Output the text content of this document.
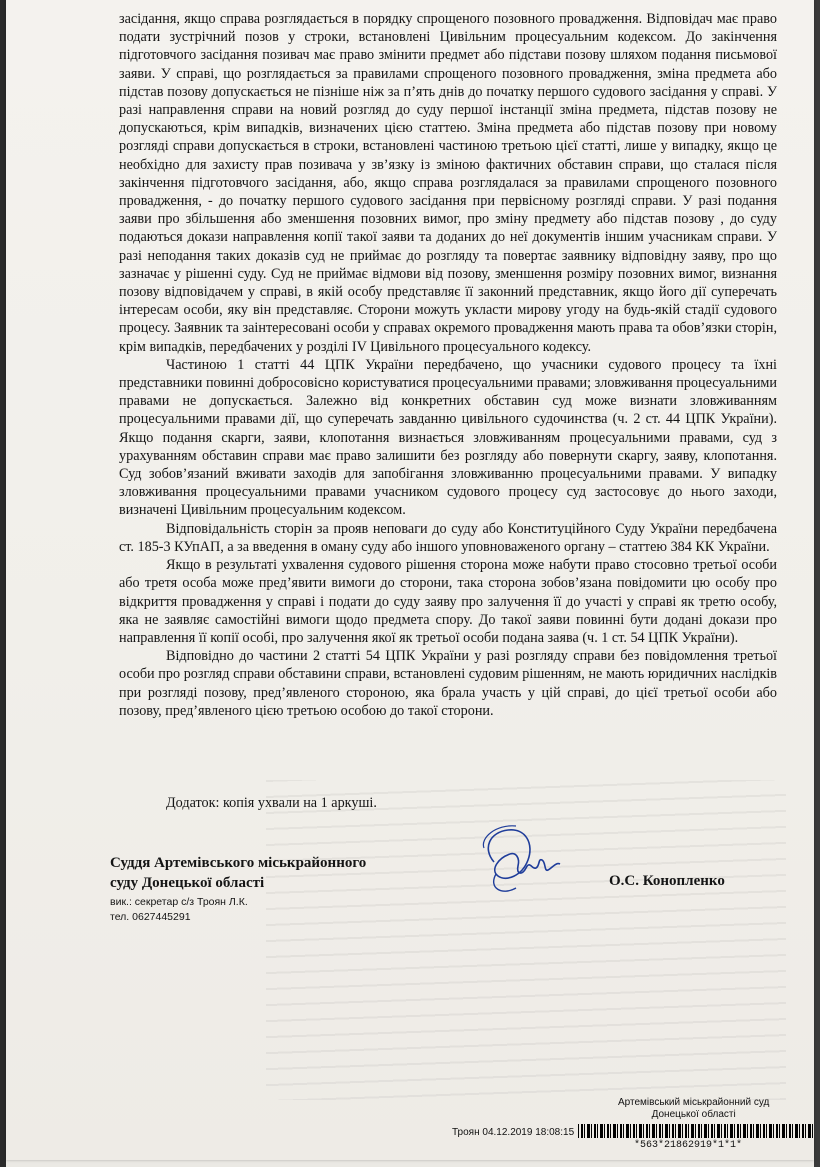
засідання, якщо справа розглядається в порядку спрощеного позовного провадження. Відповідач має право подати зустрічний позов у строки, встановлені Цивільним процесуальним кодексом. До закінчення підготовчого засідання позивач має право змінити предмет або підстави позову шляхом подання письмової заяви. У справі, що розглядається за правилами спрощеного позовного провадження, зміна предмета або підстав позову допускається не пізніше ніж за п’ять днів до початку першого судового засідання у справі. У разі направлення справи на новий розгляд до суду першої інстанції зміна предмета, підстав позову не допускаються, крім випадків, визначених цією статтею. Зміна предмета або підстав позову при новому розгляді справи допускається в строки, встановлені частиною третьою цієї статті, лише у випадку, якщо це необхідно для захисту прав позивача у зв’язку із зміною фактичних обставин справи, що сталася після закінчення підготовчого засідання, або, якщо справа розглядалася за правилами спрощеного позовного провадження, - до початку першого судового засідання при первісному розгляді справи. У разі подання заяви про збільшення або зменшення позовних вимог, про зміну предмету або підстав позову , до суду подаються докази направлення копії такої заяви та доданих до неї документів іншим учасникам справи. У разі неподання таких доказів суд не приймає до розгляду та повертає заявнику відповідну заяву, про що зазначає у рішенні суду. Суд не приймає відмови від позову, зменшення розміру позовних вимог, визнання позову відповідачем у справі, в якій особу представляє її законний представник, якщо його дії суперечать інтересам особи, яку він представляє. Сторони можуть укласти мирову угоду на будь-якій стадії судового процесу. Заявник та заінтересовані особи у справах окремого провадження мають права та обов’язки сторін, крім випадків, передбачених у розділі IV Цивільного процесуального кодексу.

Частиною 1 статті 44 ЦПК України передбачено, що учасники судового процесу та їхні представники повинні добросовісно користуватися процесуальними правами; зловживання процесуальними правами не допускається. Залежно від конкретних обставин суд може визнати зловживанням процесуальними правами дії, що суперечать завданню цивільного судочинства (ч. 2 ст. 44 ЦПК України). Якщо подання скарги, заяви, клопотання визнається зловживанням процесуальними правами, суд з урахуванням обставин справи має право залишити без розгляду або повернути скаргу, заяву, клопотання. Суд зобов’язаний вживати заходів для запобігання зловживанню процесуальними правами. У випадку зловживання процесуальними правами учасником судового процесу суд застосовує до нього заходи, визначені Цивільним процесуальним кодексом.

Відповідальність сторін за прояв неповаги до суду або Конституційного Суду України передбачена ст. 185-3 КУпАП, а за введення в оману суду або іншого уповноваженого органу – статтею 384 КК України.

Якщо в результаті ухвалення судового рішення сторона може набути право стосовно третьої особи або третя особа може пред’явити вимоги до сторони, така сторона зобов’язана повідомити цю особу про відкриття провадження у справі і подати до суду заяву про залучення її до участі у справі як третю особу, яка не заявляє самостійні вимоги щодо предмета спору. До такої заяви повинні бути додані докази про направлення її копії особі, про залучення якої як третьої особи подана заява (ч. 1 ст. 54 ЦПК України).

Відповідно до частини 2 статті 54 ЦПК України у разі розгляду справи без повідомлення третьої особи про розгляд справи обставини справи, встановлені судовим рішенням, не мають юридичних наслідків при розгляді позову, пред’явленого стороною, яка брала участь у цій справі, до цієї третьої особи або позову, пред’явленого цією третьою особою до такої сторони.

Додаток: копія ухвали на 1 аркуші.
Суддя Артемівського міськрайонного
суду Донецької області
вик.: секретар с/з Троян Л.К.
тел. 0627445291
О.С. Конопленко
Артемівський міськрайонний суд
Донецької області
Троян 04.12.2019 18:08:15
*563*21862919*1*1*
